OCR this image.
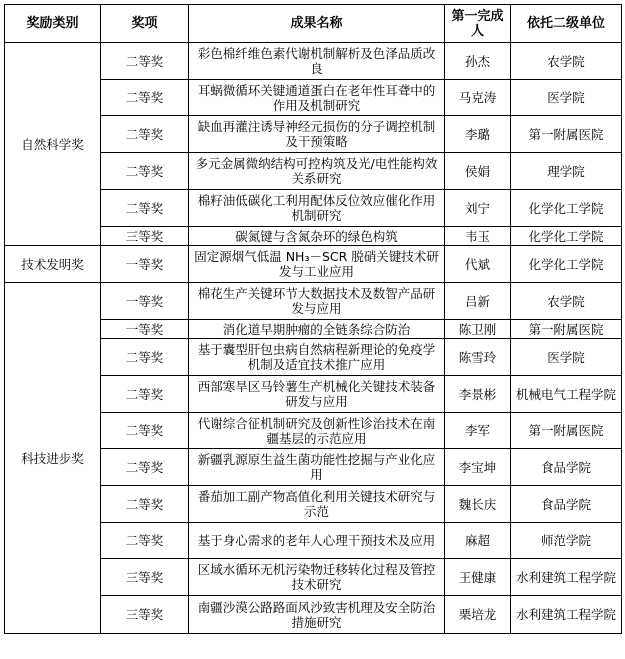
奖励类别	奖项	成果名称	第一完成人	依托二级单位
自然科学奖	二等奖	彩色棉纤维色素代谢机制解析及色泽品质改良	孙杰	农学院
	二等奖	耳蜗微循环关键通道蛋白在老年性耳聋中的作用及机制研究	马克涛	医学院
	二等奖	缺血再灌注诱导神经元损伤的分子调控机制及干预策略	李璐	第一附属医院
	二等奖	多元金属微纳结构可控构筑及光/电性能构效关系研究	侯娟	理学院
	二等奖	棉籽油低碳化工利用配体反位效应催化作用机制研究	刘宁	化学化工学院
	三等奖	碳氮键与含氮杂环的绿色构筑	韦玉	化学化工学院
技术发明奖	一等奖	固定源烟气低温 NH₃－SCR 脱硝关键技术研发与工业应用	代斌	化学化工学院
科技进步奖	一等奖	棉花生产关键环节大数据技术及数智产品研发与应用	吕新	农学院
	一等奖	消化道早期肿瘤的全链条综合防治	陈卫刚	第一附属医院
	二等奖	基于囊型肝包虫病自然病程新理论的免疫学机制及适宜技术推广应用	陈雪玲	医学院
	二等奖	西部寒旱区马铃薯生产机械化关键技术装备研发与应用	李景彬	机械电气工程学院
	二等奖	代谢综合征机制研究及创新性诊治技术在南疆基层的示范应用	李军	第一附属医院
	二等奖	新疆乳源原生益生菌功能性挖掘与产业化应用	李宝坤	食品学院
	二等奖	番茄加工副产物高值化利用关键技术研究与示范	魏长庆	食品学院
	二等奖	基于身心需求的老年人心理干预技术及应用	麻超	师范学院
	三等奖	区域水循环无机污染物迁移转化过程及管控技术研究	王健康	水利建筑工程学院
	三等奖	南疆沙漠公路路面风沙致害机理及安全防治措施研究	栗培龙	水利建筑工程学院
